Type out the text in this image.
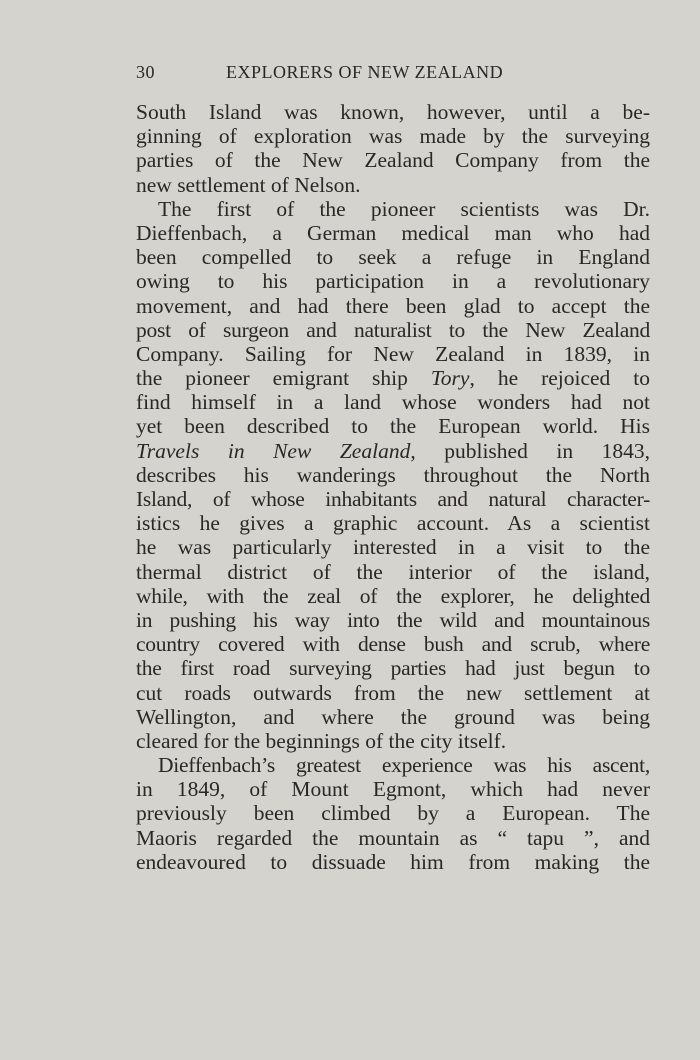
30	EXPLORERS OF NEW ZEALAND
South Island was known, however, until a be-
ginning of exploration was made by the surveying
parties of the New Zealand Company from the
new settlement of Nelson.
The first of the pioneer scientists was Dr.
Dieffenbach, a German medical man who had
been compelled to seek a refuge in England
owing to his participation in a revolutionary
movement, and had there been glad to accept the
post of surgeon and naturalist to the New Zealand
Company. Sailing for New Zealand in 1839, in
the pioneer emigrant ship Tory, he rejoiced to
find himself in a land whose wonders had not
yet been described to the European world. His
Travels in New Zealand, published in 1843,
describes his wanderings throughout the North
Island, of whose inhabitants and natural character-
istics he gives a graphic account. As a scientist
he was particularly interested in a visit to the
thermal district of the interior of the island,
while, with the zeal of the explorer, he delighted
in pushing his way into the wild and mountainous
country covered with dense bush and scrub, where
the first road surveying parties had just begun to
cut roads outwards from the new settlement at
Wellington, and where the ground was being
cleared for the beginnings of the city itself.
Dieffenbach’s greatest experience was his ascent,
in 1849, of Mount Egmont, which had never
previously been climbed by a European. The
Maoris regarded the mountain as “ tapu ”, and
endeavoured to dissuade him from making the
